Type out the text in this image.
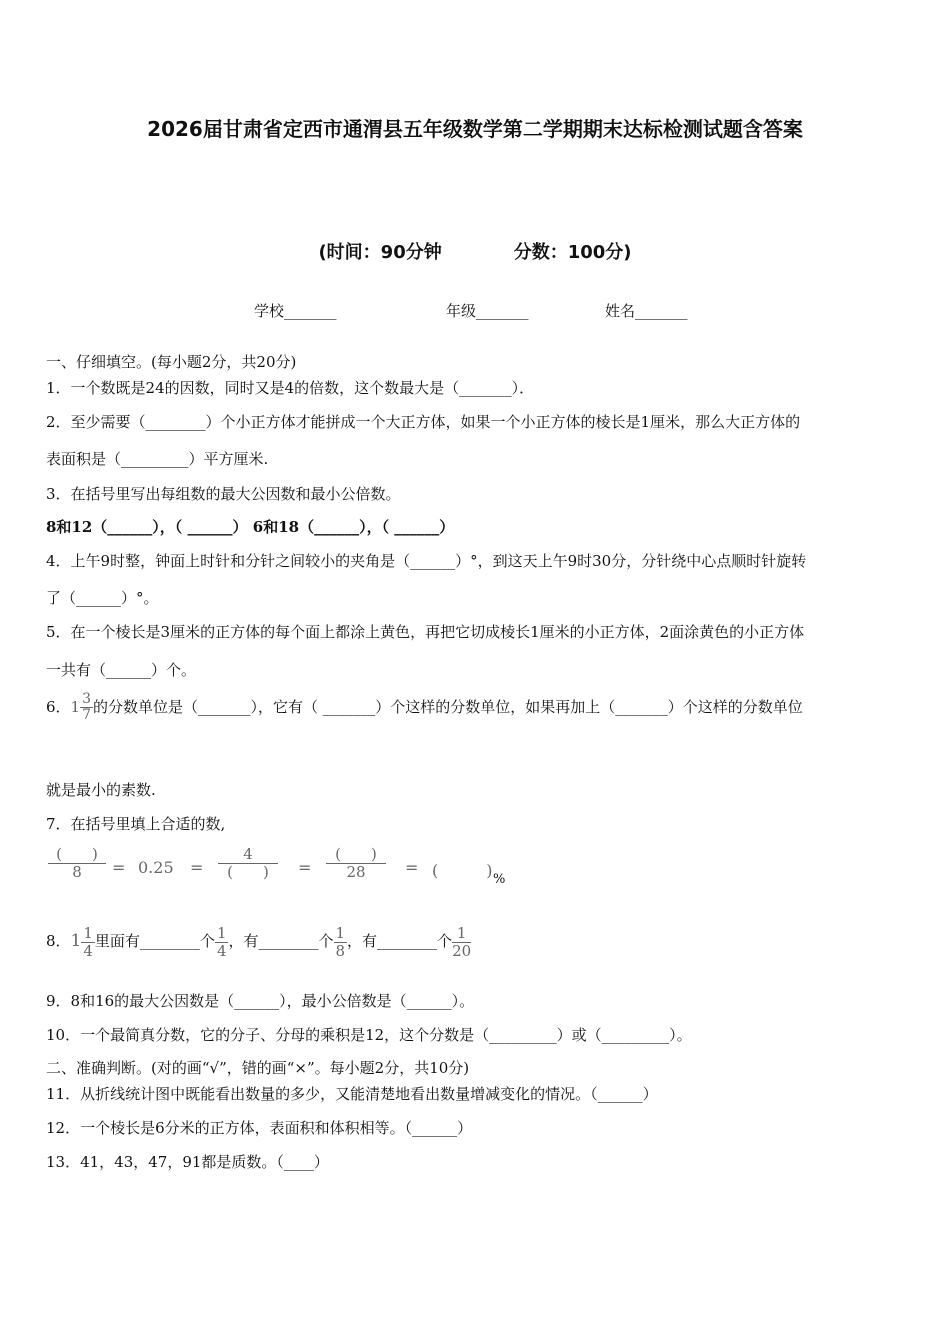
2026届甘肃省定西市通渭县五年级数学第二学期期末达标检测试题含答案
(时间：90分钟	分数：100分)
学校_______	年级_______	姓名_______
一、仔细填空。(每小题2分，共20分)
1．一个数既是24的因数，同时又是4的倍数，这个数最大是（_______）．
2．至少需要（________）个小正方体才能拼成一个大正方体，如果一个小正方体的棱长是1厘米，那么大正方体的
表面积是（_________）平方厘米.
3．在括号里写出每组数的最大公因数和最小公倍数。
8和12（______），（ ______） 6和18（______），（ ______）
4．上午9时整，钟面上时针和分针之间较小的夹角是（______）°，到这天上午9时30分，分针绕中心点顺时针旋转
了（______）°。
5．在一个棱长是3厘米的正方体的每个面上都涂上黄色，再把它切成棱长1厘米的小正方体，2面涂黄色的小正方体
一共有（______）个。
6．$1 \frac{3}{7}$ 的分数单位是（_______），它有（ _______）个这样的分数单位，如果再加上（_______）个这样的分数单位
就是最小的素数.
7．在括号里填上合适的数,
$\frac{( )}{8} = 0.25 = \frac{4}{( )} = \frac{( )}{28}$ = (　　　) %
8．$1 \frac{1}{4}$ 里面有________个 $\frac{1}{4}$ ，有________个 $\frac{1}{8}$ ，有________个 $\frac{1}{20}$
9．8和16的最大公因数是（______），最小公倍数是（______）。
10．一个最简真分数，它的分子、分母的乘积是12，这个分数是（_________）或（_________）。
二、准确判断。(对的画“√”，错的画“×”。每小题2分，共10分)
11．从折线统计图中既能看出数量的多少，又能清楚地看出数量增减变化的情况。（______）
12．一个棱长是6分米的正方体，表面积和体积相等。（______）
13．41，43，47，91都是质数。（____）
